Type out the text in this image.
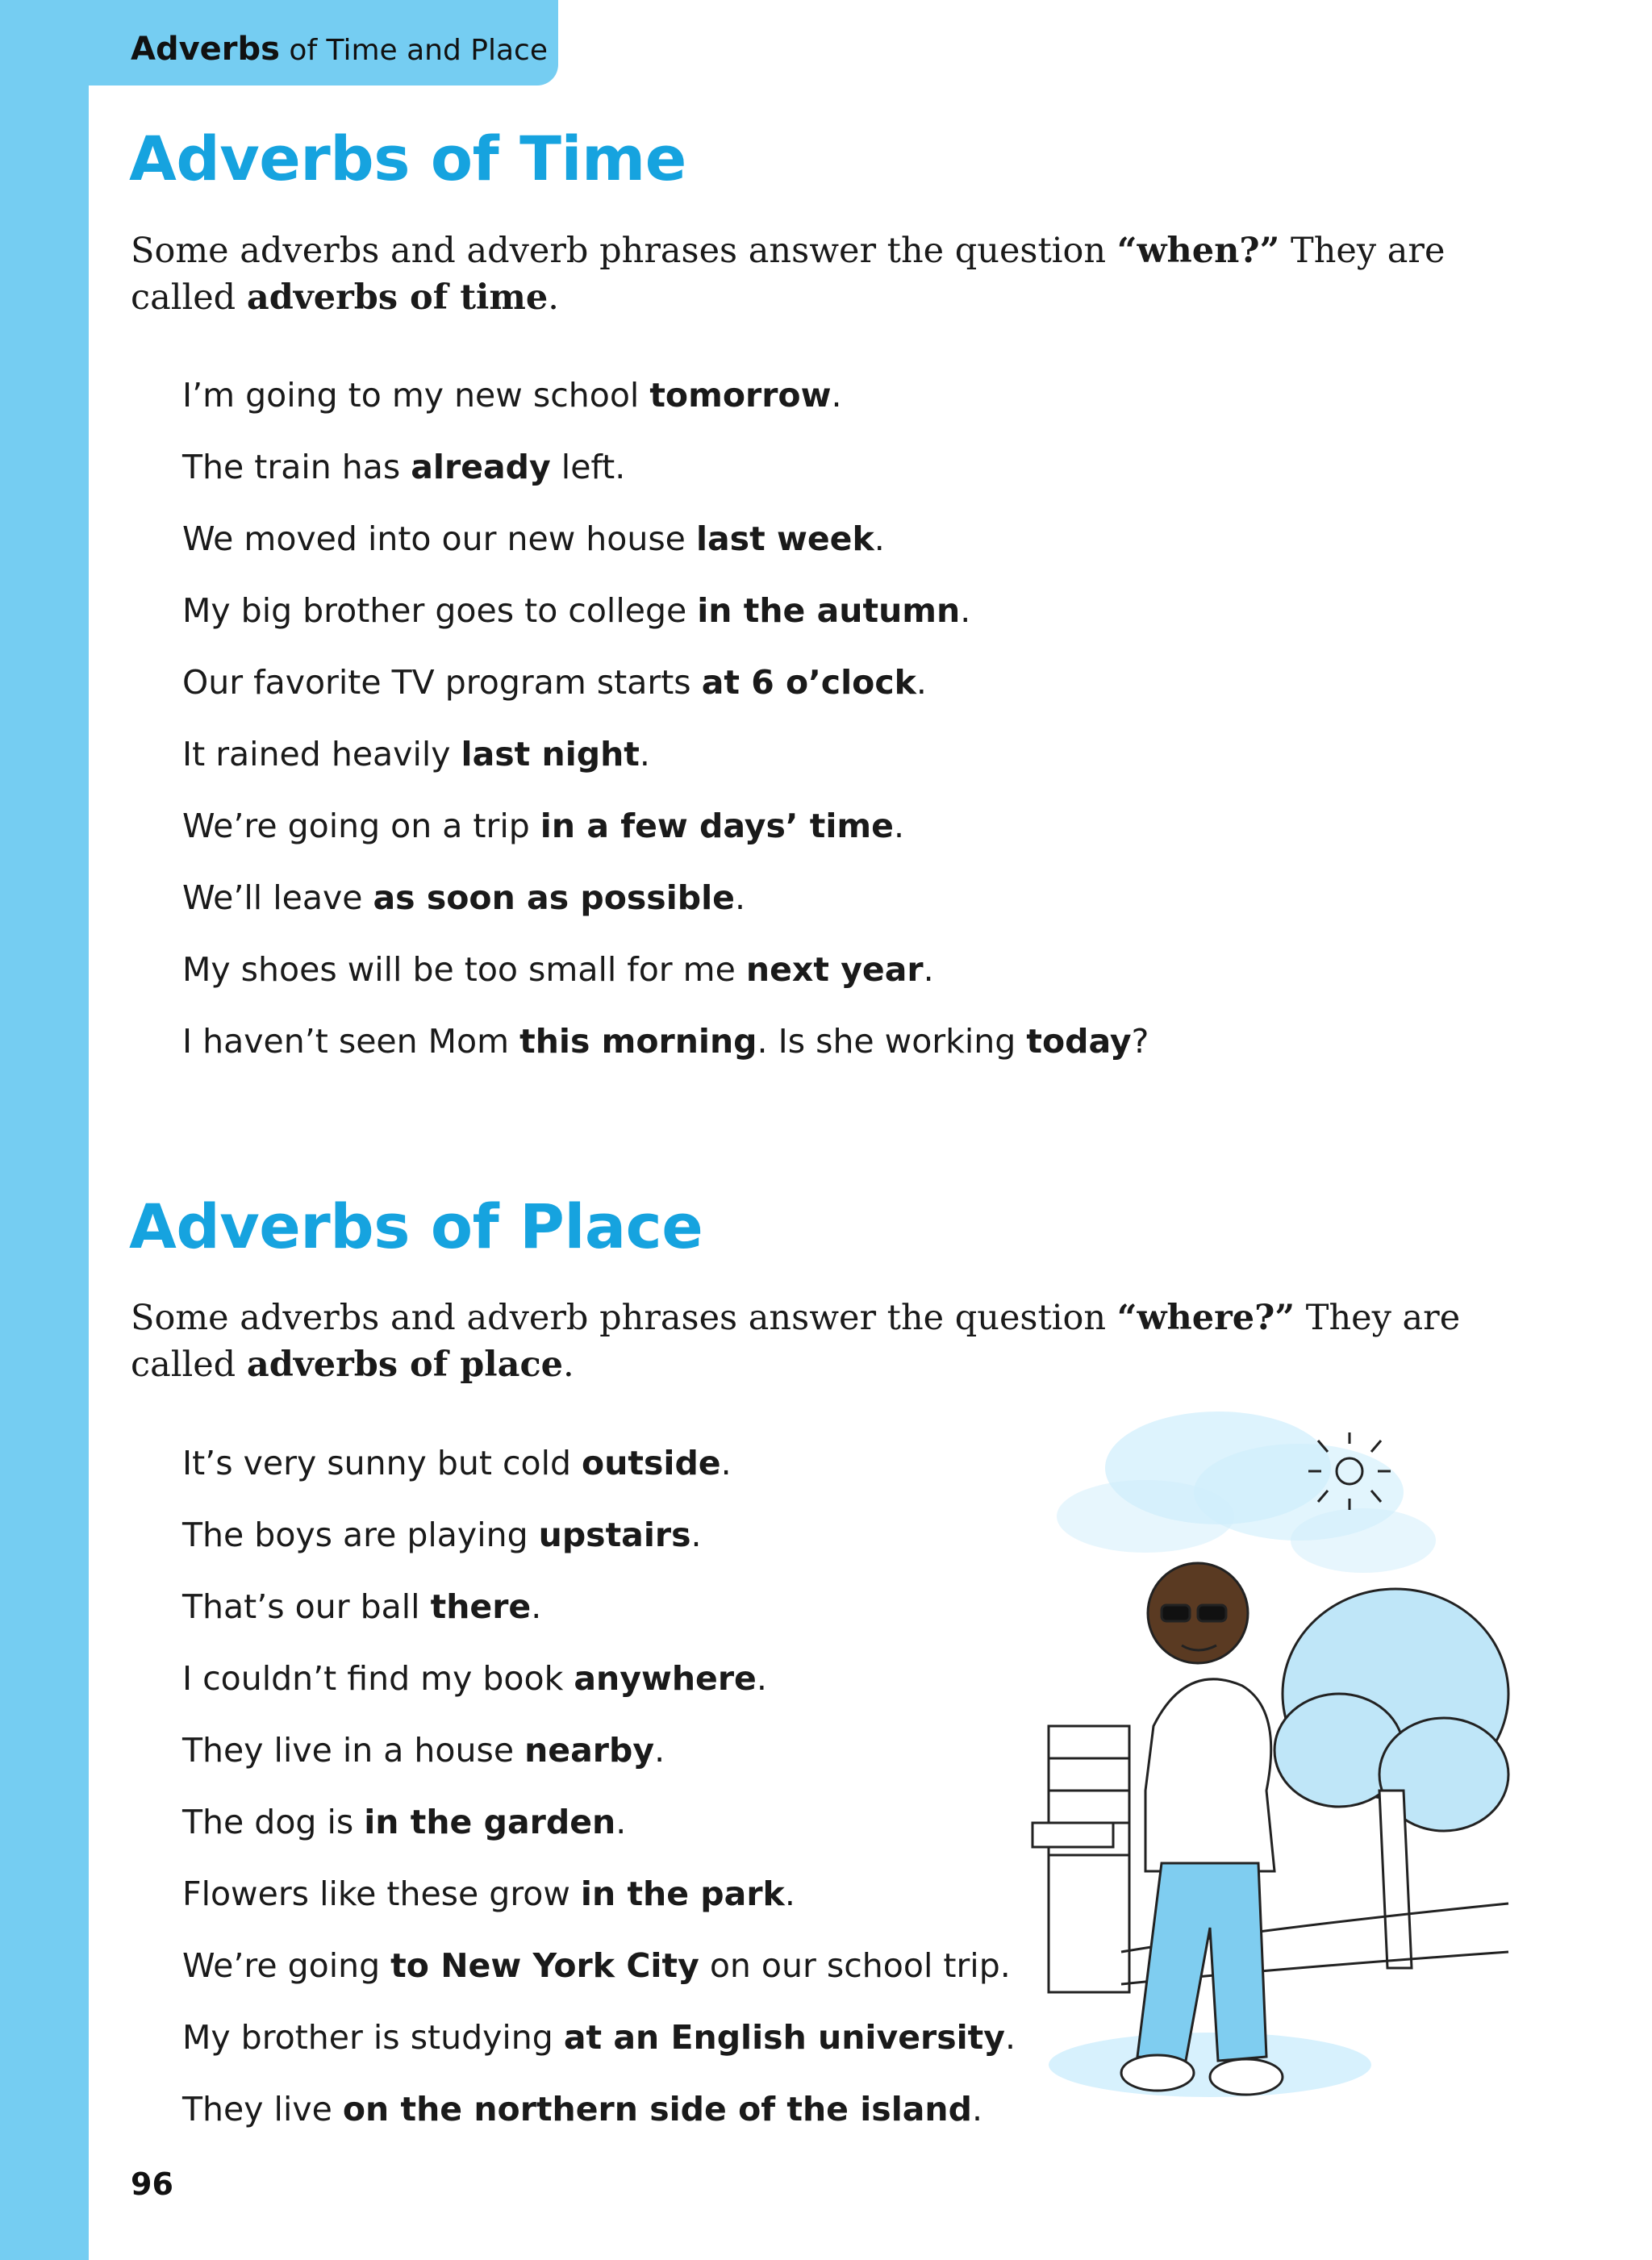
Adverbs of Time and Place
Adverbs of Time

Some adverbs and adverb phrases answer the question “when?” They are called adverbs of time.

I’m going to my new school tomorrow.
The train has already left.
We moved into our new house last week.
My big brother goes to college in the autumn.
Our favorite TV program starts at 6 o’clock.
It rained heavily last night.
We’re going on a trip in a few days’ time.
We’ll leave as soon as possible.
My shoes will be too small for me next year.
I haven’t seen Mom this morning. Is she working today?
Adverbs of Place

Some adverbs and adverb phrases answer the question “where?” They are called adverbs of place.

It’s very sunny but cold outside.
The boys are playing upstairs.
That’s our ball there.
I couldn’t find my book anywhere.
They live in a house nearby.
The dog is in the garden.
Flowers like these grow in the park.
We’re going to New York City on our school trip.
My brother is studying at an English university.
They live on the northern side of the island.
96
